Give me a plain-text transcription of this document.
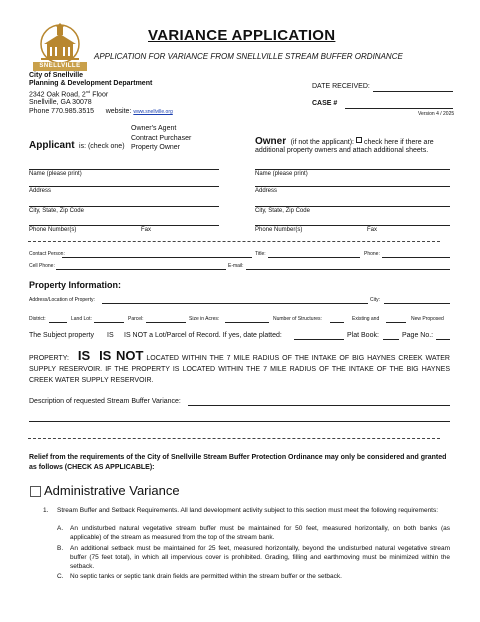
SNELLVILLE
VARIANCE APPLICATION
APPLICATION FOR VARIANCE FROM SNELLVILLE STREAM BUFFER ORDINANCE
City of Snellville
Planning & Development Department
2342 Oak Road, 2nd Floor
Snellville, GA 30078
Phone 770.985.3515 website: www.snellville.org
DATE RECEIVED:
CASE #
Version 4 / 2025
Owner's Agent
Contract Purchaser
Property Owner
Applicant is: (check one)	Owner (if not the applicant): check here if there are
additional property owners and attach additional sheets.
Name (please print)
Address
City, State, Zip Code
Phone Number(s)	Fax
Name (please print)
Address
City, State, Zip Code
Phone Number(s)	Fax
Contact Person:	Title:	Phone:
Cell Phone:	E-mail:
Property Information:
Address/Location of Property:	City:
District:	Land Lot:	Parcel:	Size in Acres:	Number of Structures:	Existing and	New Proposed
The Subject property IS IS NOT a Lot/Parcel of Record. If yes, date platted:	Plat Book:	Page No.:
PROPERTY: IS IS NOT LOCATED WITHIN THE 7 MILE RADIUS OF THE INTAKE OF BIG HAYNES CREEK WATER SUPPLY RESERVOIR. IF THE PROPERTY IS LOCATED WITHIN THE 7 MILE RADIUS OF THE INTAKE OF THE BIG HAYNES CREEK WATER SUPPLY RESERVOIR.
Description of requested Stream Buffer Variance:
Relief from the requirements of the City of Snellville Stream Buffer Protection Ordinance may only be considered and granted as follows (CHECK AS APPLICABLE):
Administrative Variance
1. Stream Buffer and Setback Requirements. All land development activity subject to this section must meet the following requirements:
A. An undisturbed natural vegetative stream buffer must be maintained for 50 feet, measured horizontally, on both banks (as applicable) of the stream as measured from the top of the stream bank.
B. An additional setback must be maintained for 25 feet, measured horizontally, beyond the undisturbed natural vegetative stream buffer (75 feet total), in which all impervious cover is prohibited. Grading, filling and earthmoving must be minimized within the setback.
C. No septic tanks or septic tank drain fields are permitted within the stream buffer or the setback.
